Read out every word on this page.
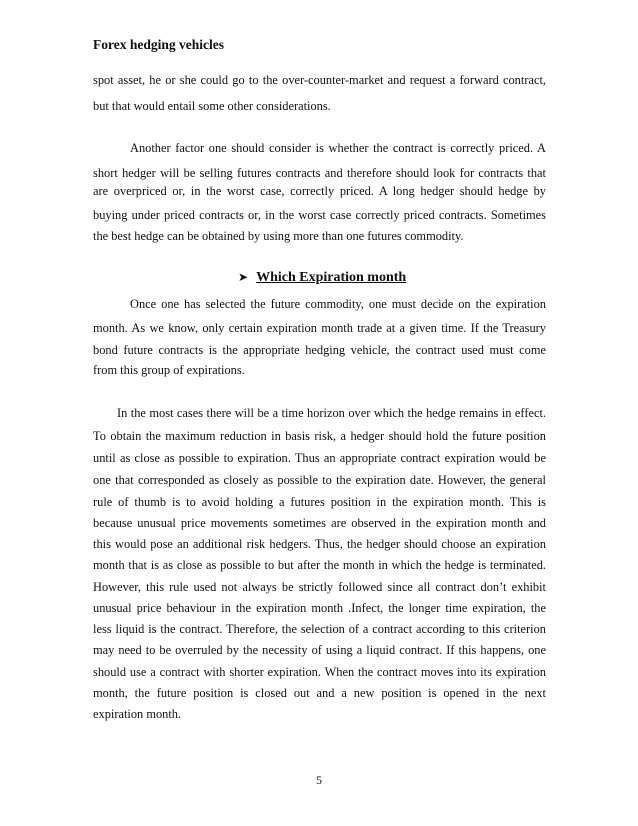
Forex hedging vehicles
spot asset, he or she could go to the over-counter-market and request a forward contract,
but that would entail some other considerations.
Another factor one should consider is whether the contract is correctly priced. A
short hedger will be selling futures contracts and therefore should look for contracts that
are overpriced or, in the worst case, correctly priced. A long hedger should hedge by
buying under priced contracts or, in the worst case correctly priced contracts. Sometimes
the best hedge can be obtained by using more than one futures commodity.
➤ Which Expiration month
Once one has selected the future commodity, one must decide on the expiration
month. As we know, only certain expiration month trade at a given time. If the Treasury
bond future contracts is the appropriate hedging vehicle, the contract used must come
from this group of expirations.
In the most cases there will be a time horizon over which the hedge remains in effect.
To obtain the maximum reduction in basis risk, a hedger should hold the future position
until as close as possible to expiration. Thus an appropriate contract expiration would be
one that corresponded as closely as possible to the expiration date. However, the general
rule of thumb is to avoid holding a futures position in the expiration month. This is
because unusual price movements sometimes are observed in the expiration month and
this would pose an additional risk hedgers. Thus, the hedger should choose an expiration
month that is as close as possible to but after the month in which the hedge is terminated.
However, this rule used not always be strictly followed since all contract don’t exhibit
unusual price behaviour in the expiration month .Infect, the longer time expiration, the
less liquid is the contract. Therefore, the selection of a contract according to this criterion
may need to be overruled by the necessity of using a liquid contract. If this happens, one
should use a contract with shorter expiration. When the contract moves into its expiration
month, the future position is closed out and a new position is opened in the next
expiration month.
5
